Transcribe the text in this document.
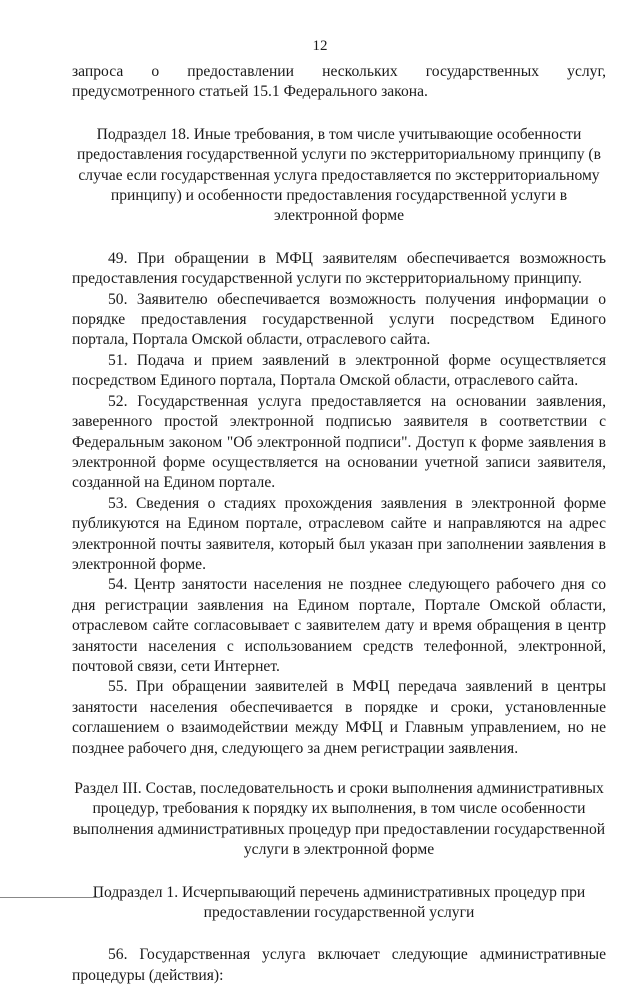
12

запроса о предоставлении нескольких государственных услуг, предусмотренного статьей 15.1 Федерального закона.

Подраздел 18. Иные требования, в том числе учитывающие особенности предоставления государственной услуги по экстерриториальному принципу (в случае если государственная услуга предоставляется по экстерриториальному принципу) и особенности предоставления государственной услуги в электронной форме

49. При обращении в МФЦ заявителям обеспечивается возможность предоставления государственной услуги по экстерриториальному принципу.

50. Заявителю обеспечивается возможность получения информации о порядке предоставления государственной услуги посредством Единого портала, Портала Омской области, отраслевого сайта.

51. Подача и прием заявлений в электронной форме осуществляется посредством Единого портала, Портала Омской области, отраслевого сайта.

52. Государственная услуга предоставляется на основании заявления, заверенного простой электронной подписью заявителя в соответствии с Федеральным законом "Об электронной подписи". Доступ к форме заявления в электронной форме осуществляется на основании учетной записи заявителя, созданной на Едином портале.

53. Сведения о стадиях прохождения заявления в электронной форме публикуются на Едином портале, отраслевом сайте и направляются на адрес электронной почты заявителя, который был указан при заполнении заявления в электронной форме.

54. Центр занятости населения не позднее следующего рабочего дня со дня регистрации заявления на Едином портале, Портале Омской области, отраслевом сайте согласовывает с заявителем дату и время обращения в центр занятости населения с использованием средств телефонной, электронной, почтовой связи, сети Интернет.

55. При обращении заявителей в МФЦ передача заявлений в центры занятости населения обеспечивается в порядке и сроки, установленные соглашением о взаимодействии между МФЦ и Главным управлением, но не позднее рабочего дня, следующего за днем регистрации заявления.

Раздел III. Состав, последовательность и сроки выполнения административных процедур, требования к порядку их выполнения, в том числе особенности выполнения административных процедур при предоставлении государственной услуги в электронной форме

Подраздел 1. Исчерпывающий перечень административных процедур при предоставлении государственной услуги

56. Государственная услуга включает следующие административные процедуры (действия):
